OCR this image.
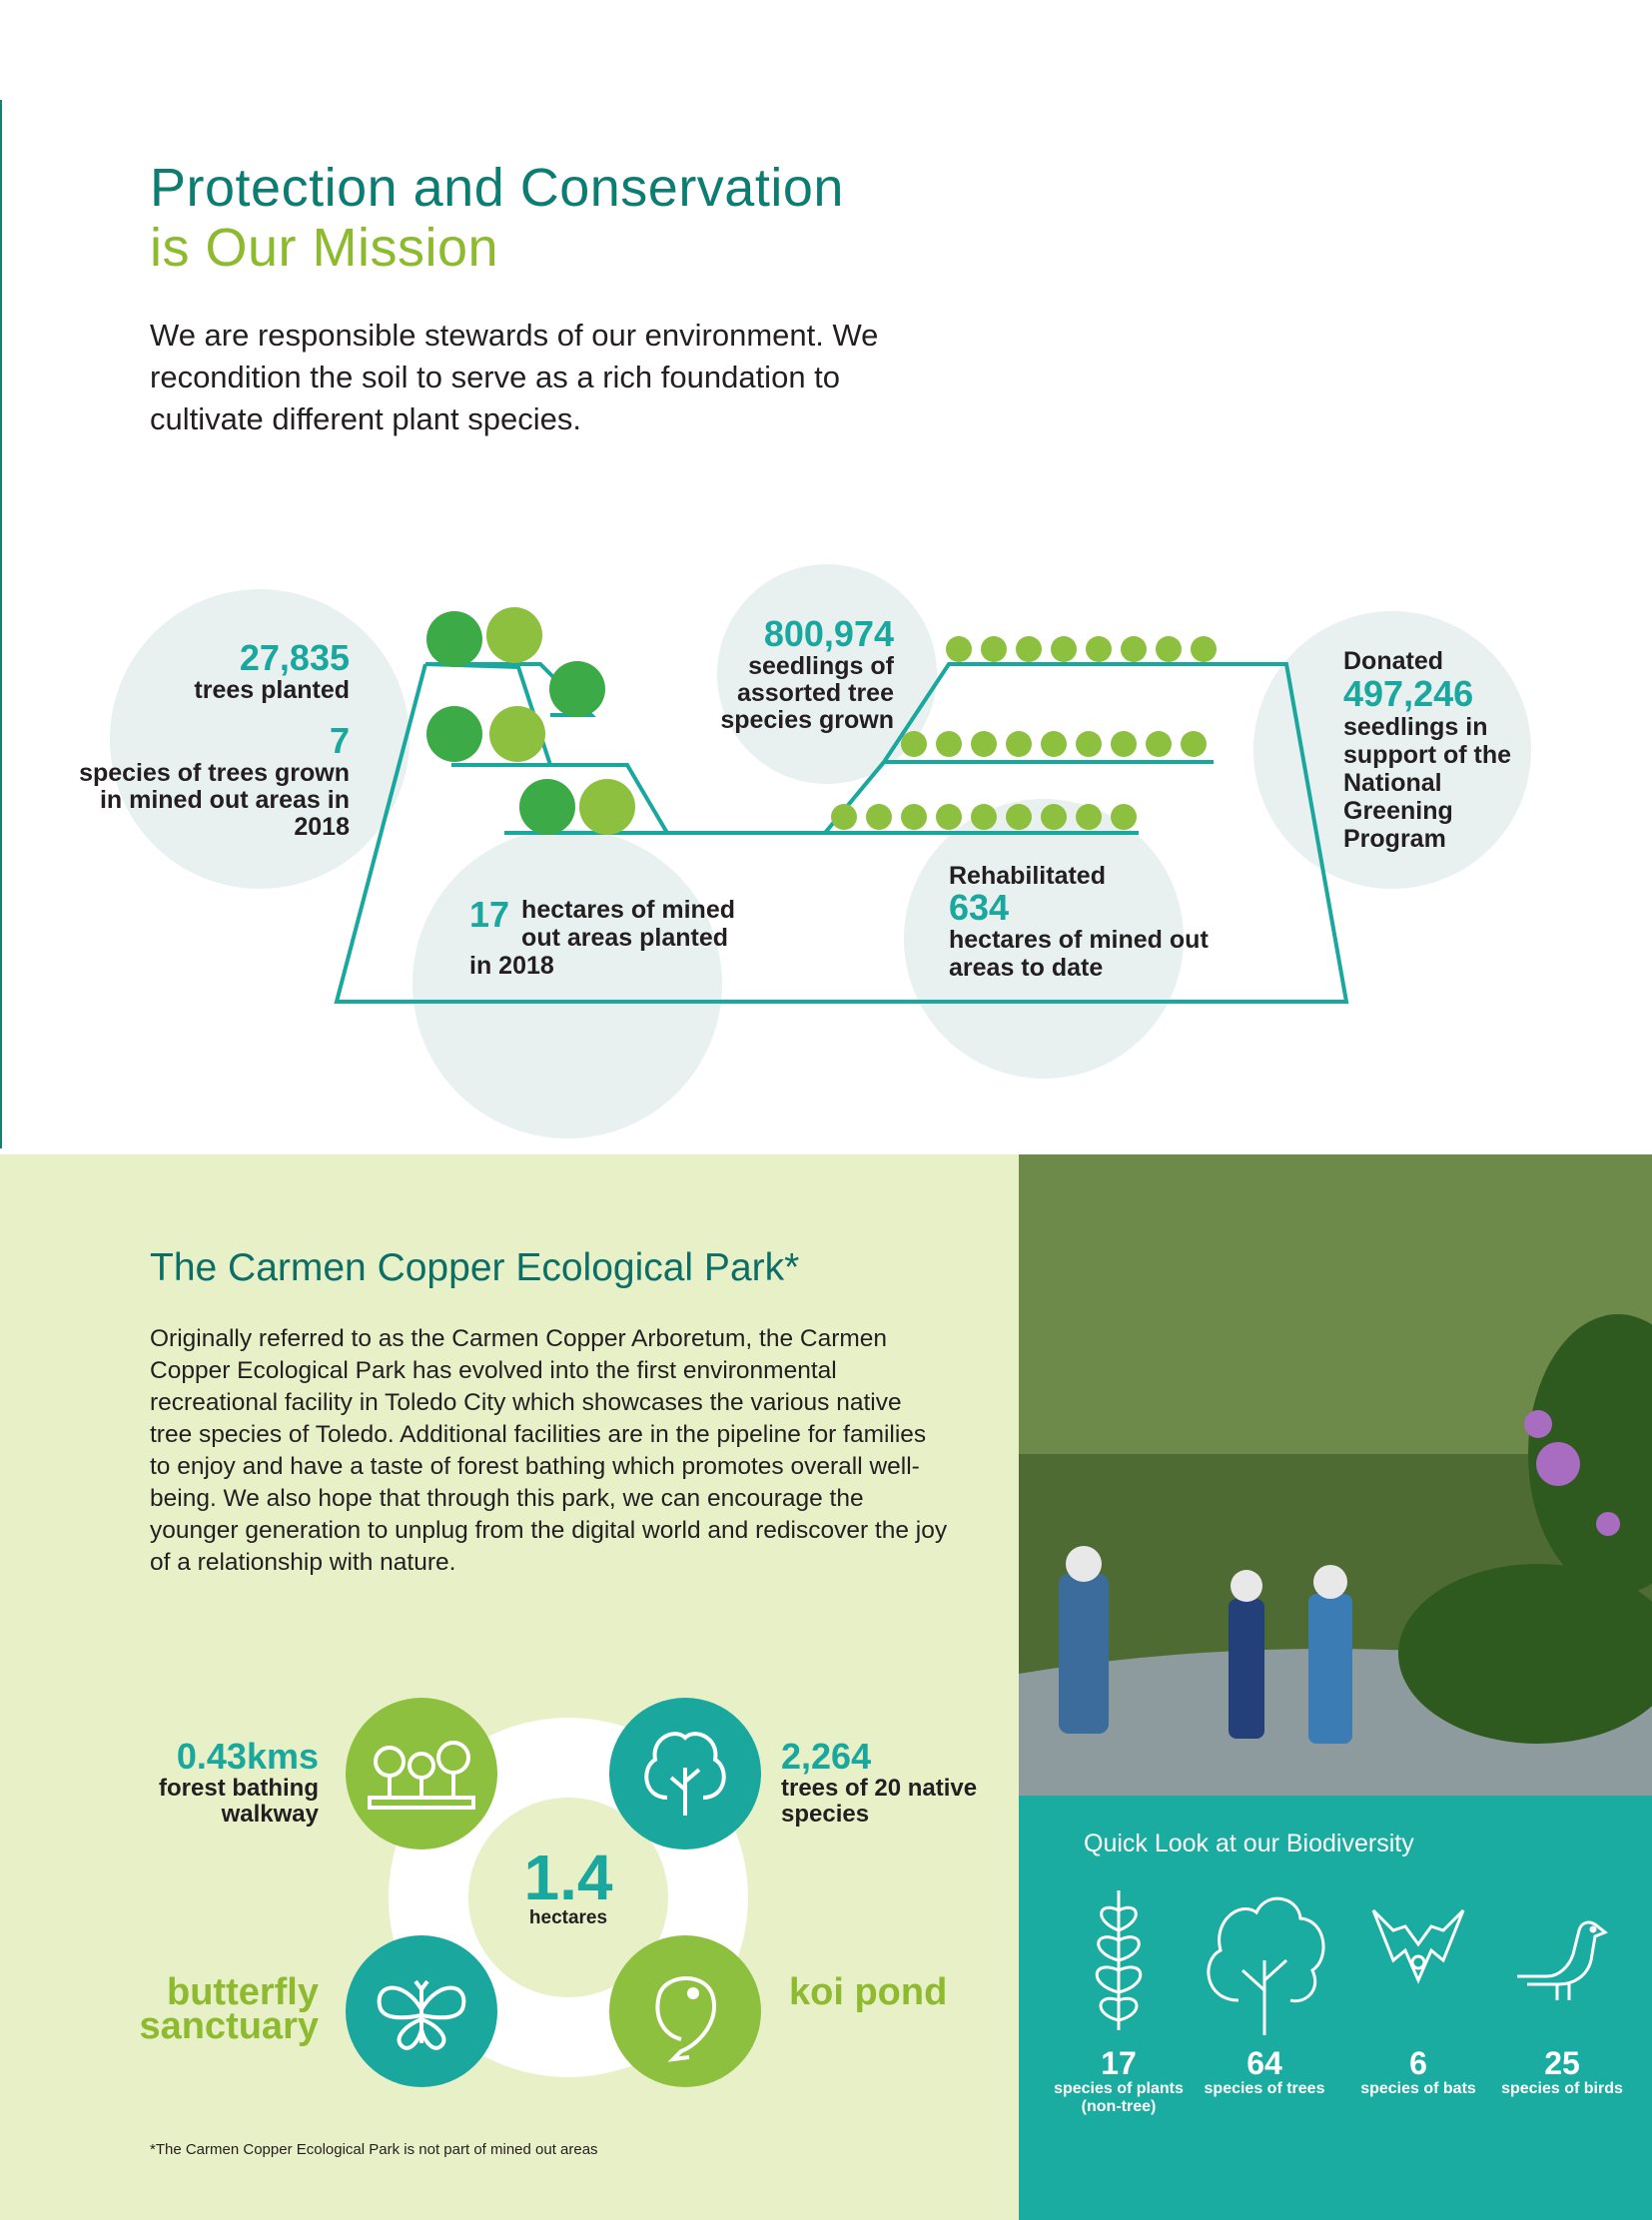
Protection and Conservation
is Our Mission
We are responsible stewards of our environment. We recondition the soil to serve as a rich foundation to cultivate different plant species.
27,835
trees planted
7
species of trees grown in mined out areas in 2018
800,974
seedlings of assorted tree species grown
Donated
497,246
seedlings in support of the National Greening Program
17 hectares of mined out areas planted in 2018
Rehabilitated
634
hectares of mined out areas to date
The Carmen Copper Ecological Park*
Originally referred to as the Carmen Copper Arboretum, the Carmen Copper Ecological Park has evolved into the first environmental recreational facility in Toledo City which showcases the various native tree species of Toledo. Additional facilities are in the pipeline for families to enjoy and have a taste of forest bathing which promotes overall well-being. We also hope that through this park, we can encourage the younger generation to unplug from the digital world and rediscover the joy of a relationship with nature.
1.4
hectares
0.43kms
forest bathing walkway
2,264
trees of 20 native species
butterfly sanctuary
koi pond
*The Carmen Copper Ecological Park is not part of mined out areas
Quick Look at our Biodiversity
17
species of plants (non-tree)
64
species of trees
6
species of bats
25
species of birds
